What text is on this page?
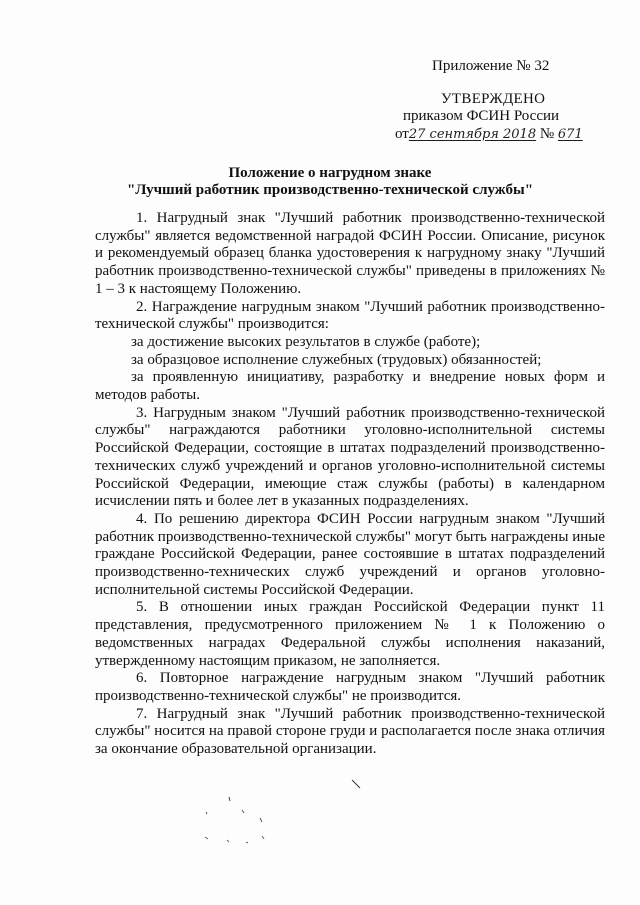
Приложение № 32
УТВЕРЖДЕНО
приказом ФСИН России
от27 сентября 2018 № 671
Положение о нагрудном знаке
"Лучший работник производственно-технической службы"

1. Нагрудный знак "Лучший работник производственно-технической службы" является ведомственной наградой ФСИН России. Описание, рисунок и рекомендуемый образец бланка удостоверения к нагрудному знаку "Лучший работник производственно-технической службы" приведены в приложениях № 1 – 3 к настоящему Положению.

2. Награждение нагрудным знаком "Лучший работник производственно-технической службы" производится:

за достижение высоких результатов в службе (работе);

за образцовое исполнение служебных (трудовых) обязанностей;

за проявленную инициативу, разработку и внедрение новых форм и методов работы.

3. Нагрудным знаком "Лучший работник производственно-технической службы" награждаются работники уголовно-исполнительной системы Российской Федерации, состоящие в штатах подразделений производственно-технических служб учреждений и органов уголовно-исполнительной системы Российской Федерации, имеющие стаж службы (работы) в календарном исчислении пять и более лет в указанных подразделениях.

4. По решению директора ФСИН России нагрудным знаком "Лучший работник производственно-технической службы" могут быть награждены иные граждане Российской Федерации, ранее состоявшие в штатах подразделений производственно-технических служб учреждений и органов уголовно-исполнительной системы Российской Федерации.

5. В отношении иных граждан Российской Федерации пункт 11 представления, предусмотренного приложением № 1 к Положению о ведомственных наградах Федеральной службы исполнения наказаний, утвержденному настоящим приказом, не заполняется.

6. Повторное награждение нагрудным знаком "Лучший работник производственно-технической службы" не производится.

7. Нагрудный знак "Лучший работник производственно-технической службы" носится на правой стороне груди и располагается после знака отличия за окончание образовательной организации.
